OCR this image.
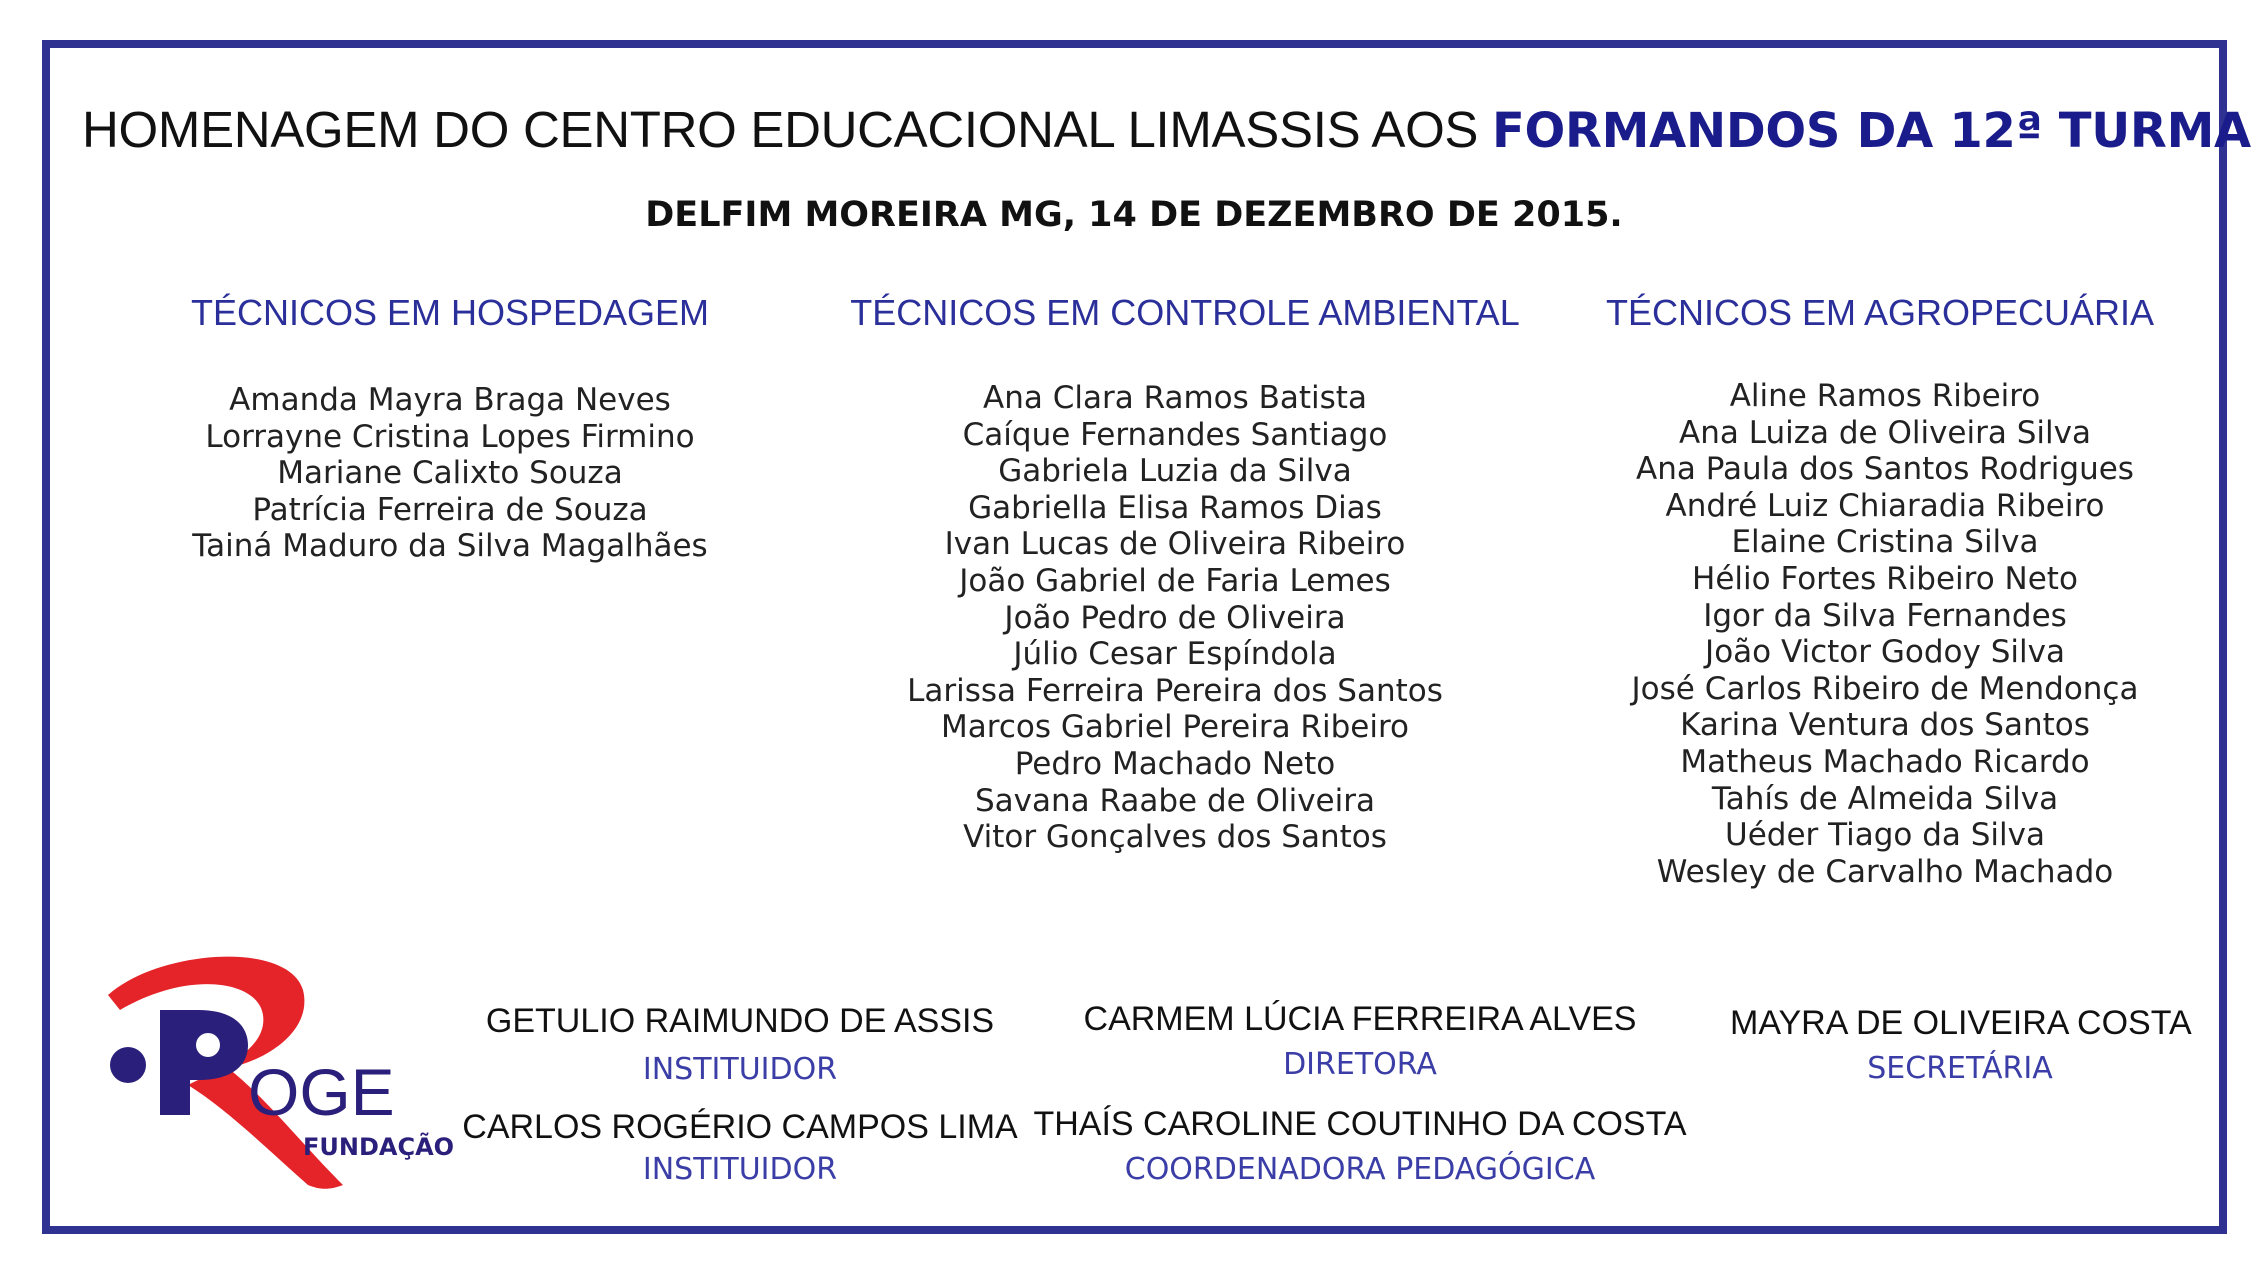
HOMENAGEM DO CENTRO EDUCACIONAL LIMASSIS AOS FORMANDOS DA 12ª TURMA
DELFIM MOREIRA MG, 14 DE DEZEMBRO DE 2015.
TÉCNICOS EM HOSPEDAGEM	TÉCNICOS EM CONTROLE AMBIENTAL	TÉCNICOS EM AGROPECUÁRIA
Amanda Mayra Braga Neves
Lorrayne Cristina Lopes Firmino
Mariane Calixto Souza
Patrícia Ferreira de Souza
Tainá Maduro da Silva Magalhães
Ana Clara Ramos Batista
Caíque Fernandes Santiago
Gabriela Luzia da Silva
Gabriella Elisa Ramos Dias
Ivan Lucas de Oliveira Ribeiro
João Gabriel de Faria Lemes
João Pedro de Oliveira
Júlio Cesar Espíndola
Larissa Ferreira Pereira dos Santos
Marcos Gabriel Pereira Ribeiro
Pedro Machado Neto
Savana Raabe de Oliveira
Vitor Gonçalves dos Santos
Aline Ramos Ribeiro
Ana Luiza de Oliveira Silva
Ana Paula dos Santos Rodrigues
André Luiz Chiaradia Ribeiro
Elaine Cristina Silva
Hélio Fortes Ribeiro Neto
Igor da Silva Fernandes
João Victor Godoy Silva
José Carlos Ribeiro de Mendonça
Karina Ventura dos Santos
Matheus Machado Ricardo
Tahís de Almeida Silva
Uéder Tiago da Silva
Wesley de Carvalho Machado
OGE
FUNDAÇÃO
GETULIO RAIMUNDO DE ASSIS
INSTITUIDOR
CARLOS ROGÉRIO CAMPOS LIMA
INSTITUIDOR
CARMEM LÚCIA FERREIRA ALVES
DIRETORA
THAÍS CAROLINE COUTINHO DA COSTA
COORDENADORA PEDAGÓGICA
MAYRA DE OLIVEIRA COSTA
SECRETÁRIA
